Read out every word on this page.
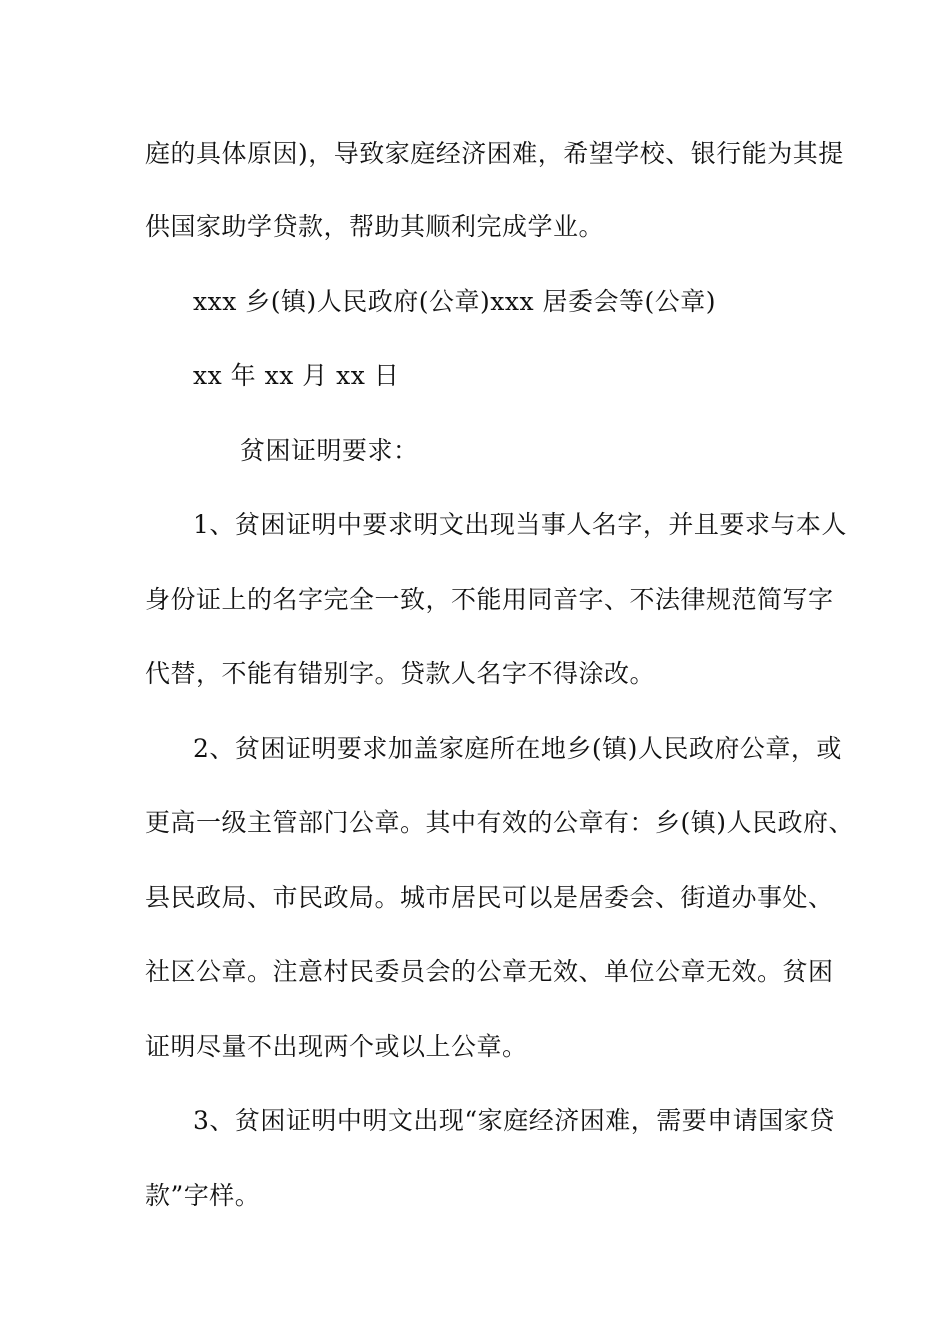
庭的具体原因)，导致家庭经济困难，希望学校、银行能为其提
供国家助学贷款，帮助其顺利完成学业。
xxx 乡(镇)人民政府(公章)xxx 居委会等(公章)
xx 年 xx 月 xx 日
贫困证明要求：
1、贫困证明中要求明文出现当事人名字，并且要求与本人
身份证上的名字完全一致，不能用同音字、不法律规范简写字
代替，不能有错别字。贷款人名字不得涂改。
2、贫困证明要求加盖家庭所在地乡(镇)人民政府公章，或
更高一级主管部门公章。其中有效的公章有：乡(镇)人民政府、
县民政局、市民政局。城市居民可以是居委会、街道办事处、
社区公章。注意村民委员会的公章无效、单位公章无效。贫困
证明尽量不出现两个或以上公章。
3、贫困证明中明文出现“家庭经济困难，需要申请国家贷
款”字样。
